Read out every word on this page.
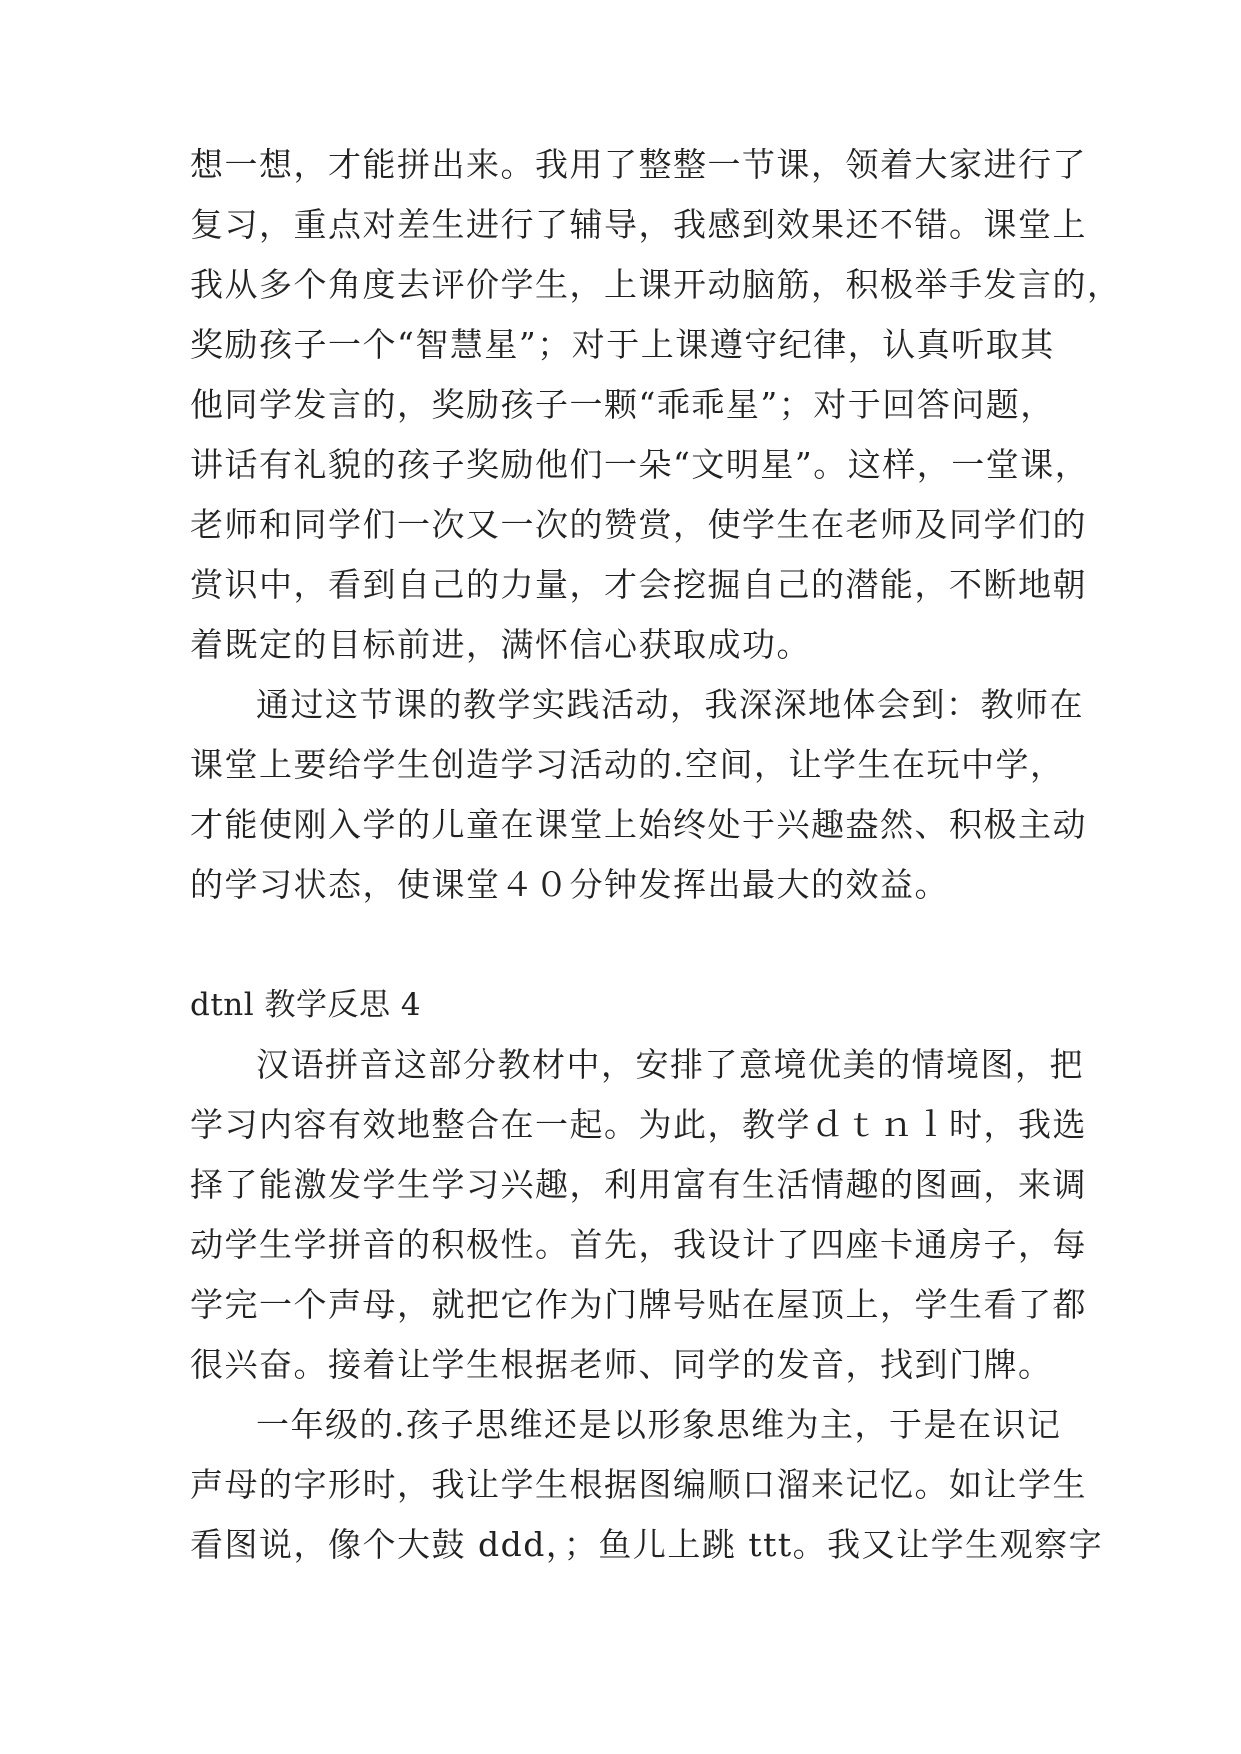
想一想，才能拼出来。我用了整整一节课，领着大家进行了
复习，重点对差生进行了辅导，我感到效果还不错。课堂上
我从多个角度去评价学生，上课开动脑筋，积极举手发言的，
奖励孩子一个“智慧星”；对于上课遵守纪律，认真听取其
他同学发言的，奖励孩子一颗“乖乖星”；对于回答问题，
讲话有礼貌的孩子奖励他们一朵“文明星”。这样，一堂课，
老师和同学们一次又一次的赞赏，使学生在老师及同学们的
赏识中，看到自己的力量，才会挖掘自己的潜能，不断地朝
着既定的目标前进，满怀信心获取成功。
通过这节课的教学实践活动，我深深地体会到：教师在
课堂上要给学生创造学习活动的.空间，让学生在玩中学，
才能使刚入学的儿童在课堂上始终处于兴趣盎然、积极主动
的学习状态，使课堂４０分钟发挥出最大的效益。
dtnl 教学反思 4
汉语拼音这部分教材中，安排了意境优美的情境图，把
学习内容有效地整合在一起。为此，教学ｄｔｎｌ时，我选
择了能激发学生学习兴趣，利用富有生活情趣的图画，来调
动学生学拼音的积极性。首先，我设计了四座卡通房子，每
学完一个声母，就把它作为门牌号贴在屋顶上，学生看了都
很兴奋。接着让学生根据老师、同学的发音，找到门牌。
一年级的.孩子思维还是以形象思维为主，于是在识记
声母的字形时，我让学生根据图编顺口溜来记忆。如让学生
看图说，像个大鼓 ddd，；鱼儿上跳 ttt。我又让学生观察字
